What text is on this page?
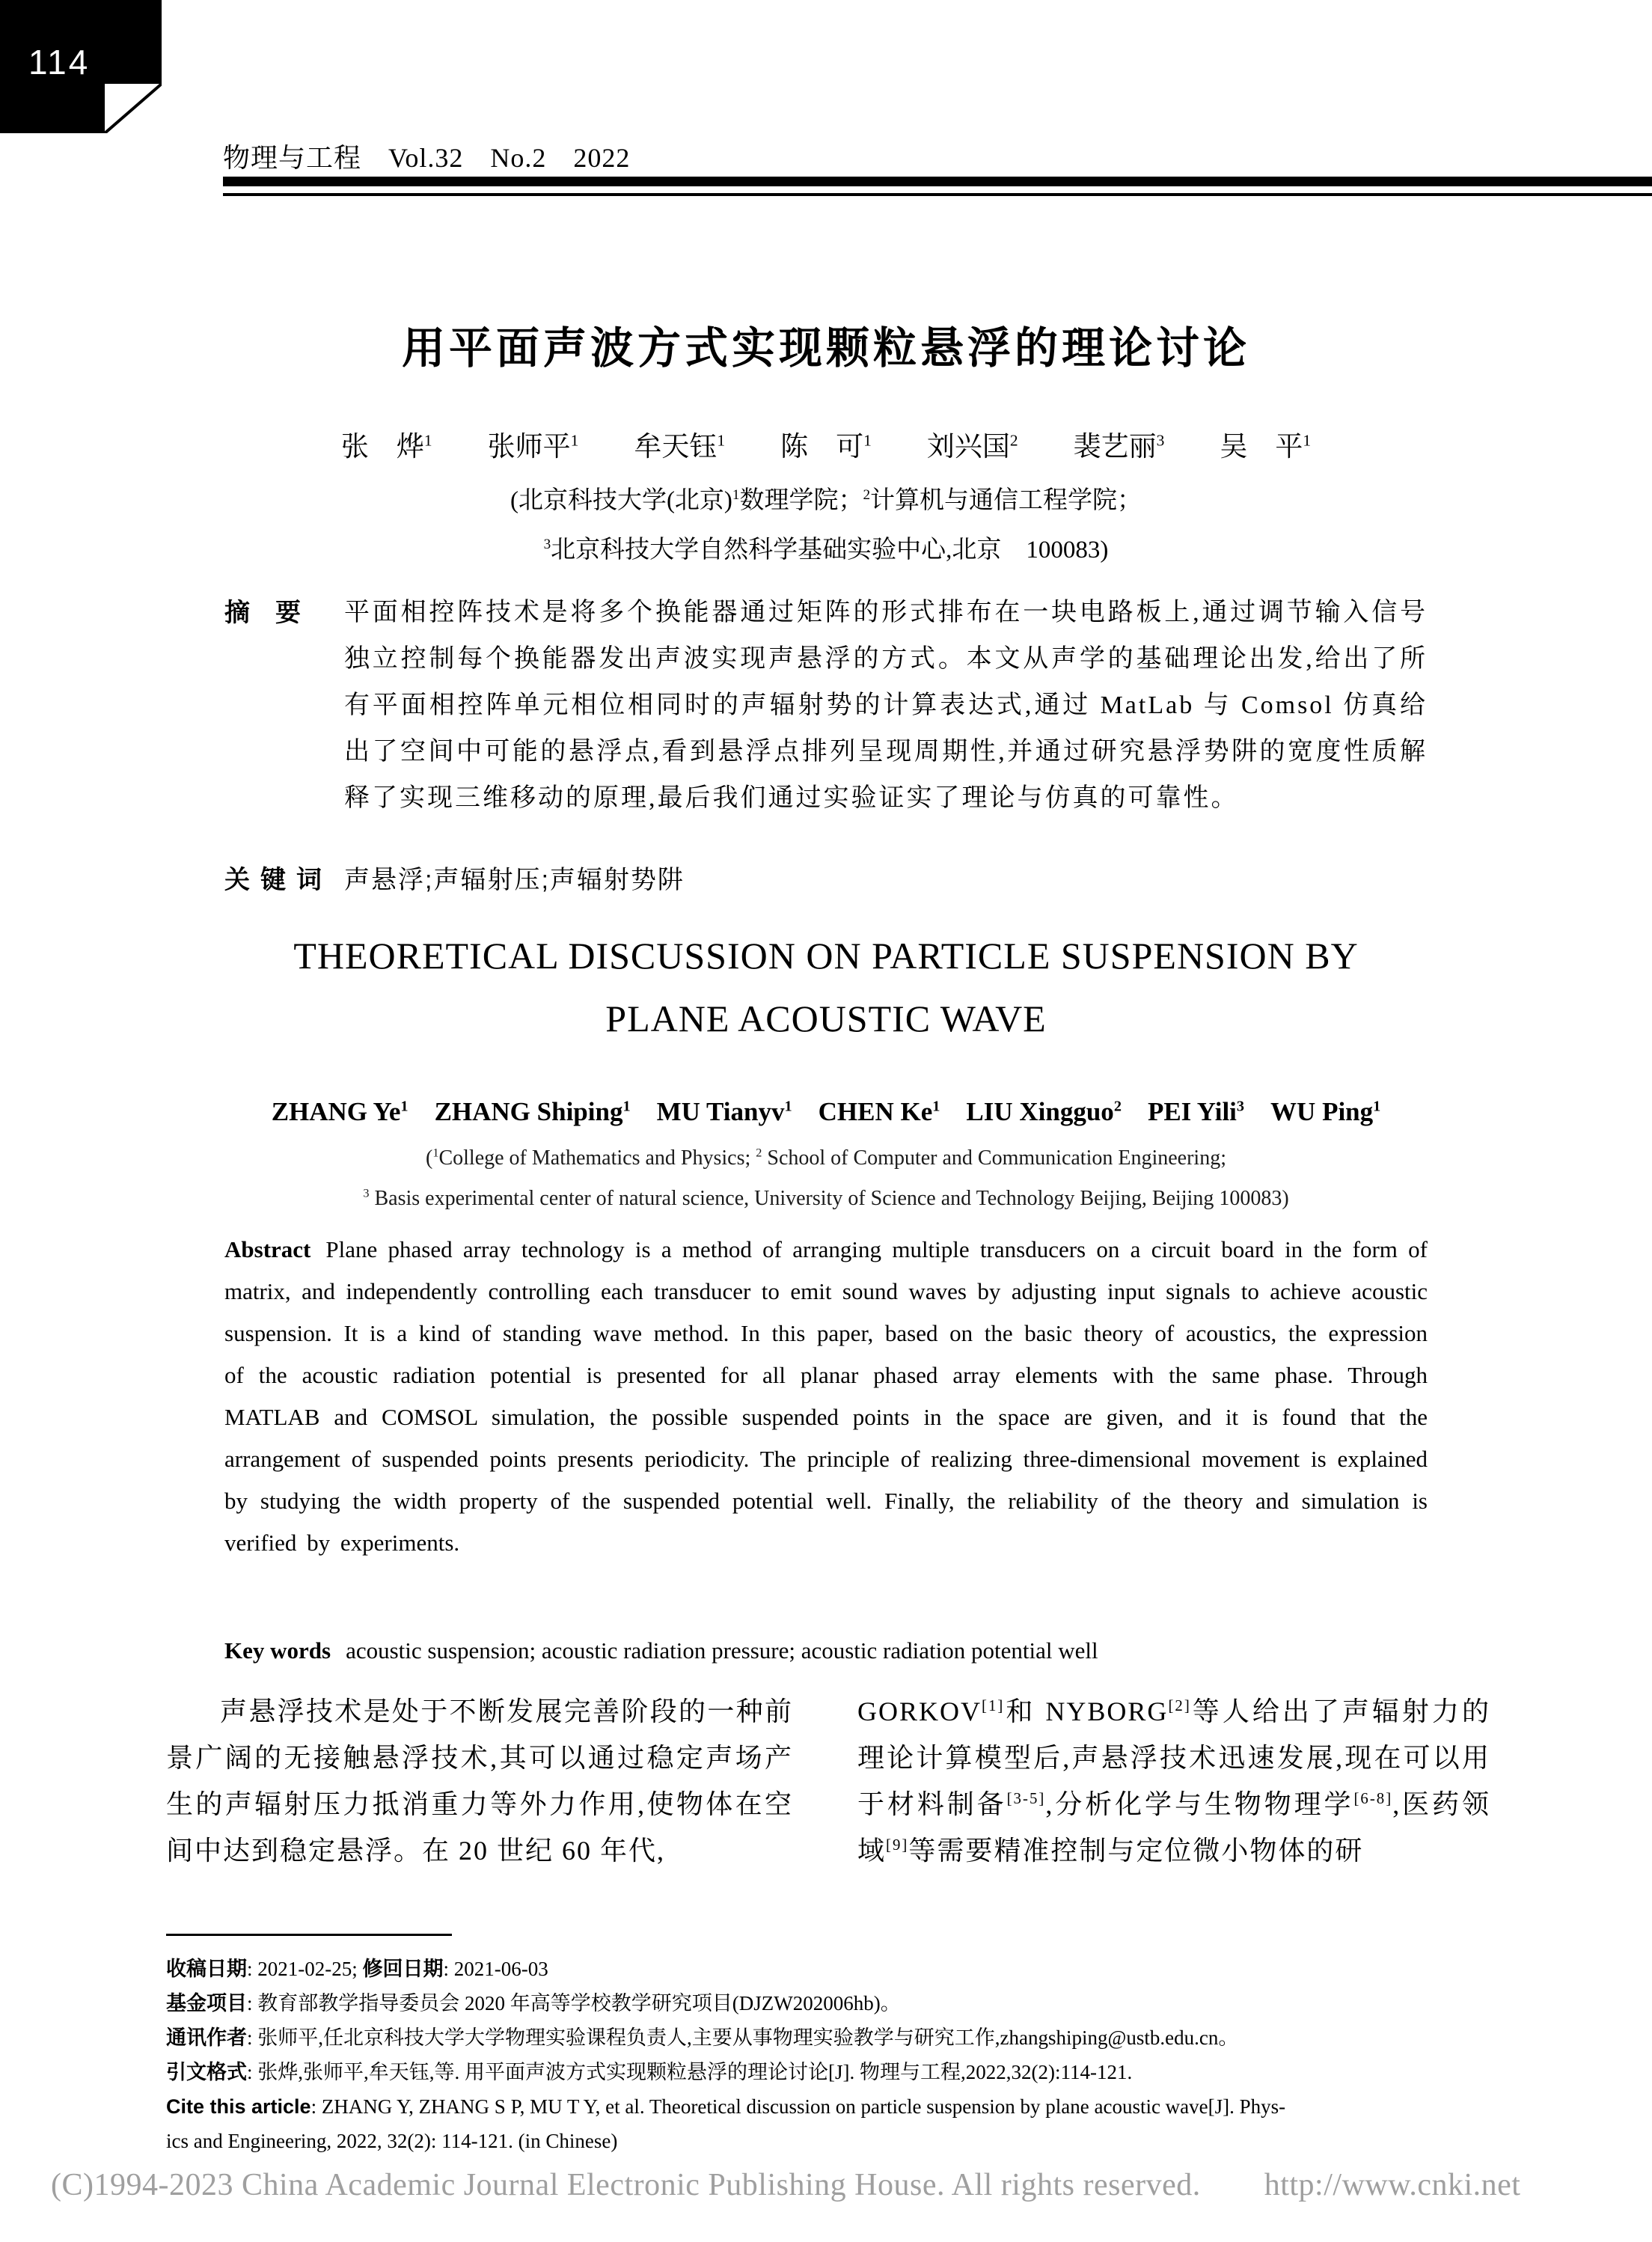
114
物理与工程 Vol.32 No.2 2022
用平面声波方式实现颗粒悬浮的理论讨论
张　烨$^1$　　张师平$^1$　　牟天钰$^1$　　陈　可$^1$　　刘兴国$^2$　　裴艺丽$^3$　　吴　平$^1$
(北京科技大学(北京)$^1$数理学院；$^2$计算机与通信工程学院；
$^3$北京科技大学自然科学基础实验中心,北京　100083)
摘　要	平面相控阵技术是将多个换能器通过矩阵的形式排布在一块电路板上,通过调节输入信号独立控制每个换能器发出声波实现声悬浮的方式。本文从声学的基础理论出发,给出了所有平面相控阵单元相位相同时的声辐射势的计算表达式,通过 MatLab 与 Comsol 仿真给出了空间中可能的悬浮点,看到悬浮点排列呈现周期性,并通过研究悬浮势阱的宽度性质解释了实现三维移动的原理,最后我们通过实验证实了理论与仿真的可靠性。
关键词 声悬浮;声辐射压;声辐射势阱
THEORETICAL DISCUSSION ON PARTICLE SUSPENSION BY
PLANE ACOUSTIC WAVE
ZHANG Ye$^1$　ZHANG Shiping$^1$　MU Tianyv$^1$　CHEN Ke$^1$　LIU Xingguo$^2$　PEI Yili$^3$　WU Ping$^1$
($^1$College of Mathematics and Physics; $^2$ School of Computer and Communication Engineering;
$^3$ Basis experimental center of natural science, University of Science and Technology Beijing, Beijing 100083)
Abstract Plane phased array technology is a method of arranging multiple transducers on a circuit board in the form of matrix, and independently controlling each transducer to emit sound waves by adjusting input signals to achieve acoustic suspension. It is a kind of standing wave method. In this paper, based on the basic theory of acoustics, the expression of the acoustic radiation potential is presented for all planar phased array elements with the same phase. Through MATLAB and COMSOL simulation, the possible suspended points in the space are given, and it is found that the arrangement of suspended points presents periodicity. The principle of realizing three-dimensional movement is explained by studying the width property of the suspended potential well. Finally, the reliability of the theory and simulation is verified by experiments.
Key words acoustic suspension; acoustic radiation pressure; acoustic radiation potential well

声悬浮技术是处于不断发展完善阶段的一种前景广阔的无接触悬浮技术,其可以通过稳定声场产生的声辐射压力抵消重力等外力作用,使物体在空间中达到稳定悬浮。在 20 世纪 60 年代,

GORKOV[1]和 NYBORG[2]等人给出了声辐射力的理论计算模型后,声悬浮技术迅速发展,现在可以用于材料制备[3-5],分析化学与生物物理学[6-8],医药领域[9]等需要精准控制与定位微小物体的研

收稿日期: 2021-02-25; 修回日期: 2021-06-03
基金项目: 教育部教学指导委员会 2020 年高等学校教学研究项目(DJZW202006hb)。
通讯作者: 张师平,任北京科技大学大学物理实验课程负责人,主要从事物理实验教学与研究工作,zhangshiping@ustb.edu.cn。
引文格式: 张烨,张师平,牟天钰,等. 用平面声波方式实现颗粒悬浮的理论讨论[J]. 物理与工程,2022,32(2):114-121.
Cite this article: ZHANG Y, ZHANG S P, MU T Y, et al. Theoretical discussion on particle suspension by plane acoustic wave[J]. Phys-
ics and Engineering, 2022, 32(2): 114-121. (in Chinese)
(C)1994-2023 China Academic Journal Electronic Publishing House. All rights reserved.　　http://www.cnki.net
